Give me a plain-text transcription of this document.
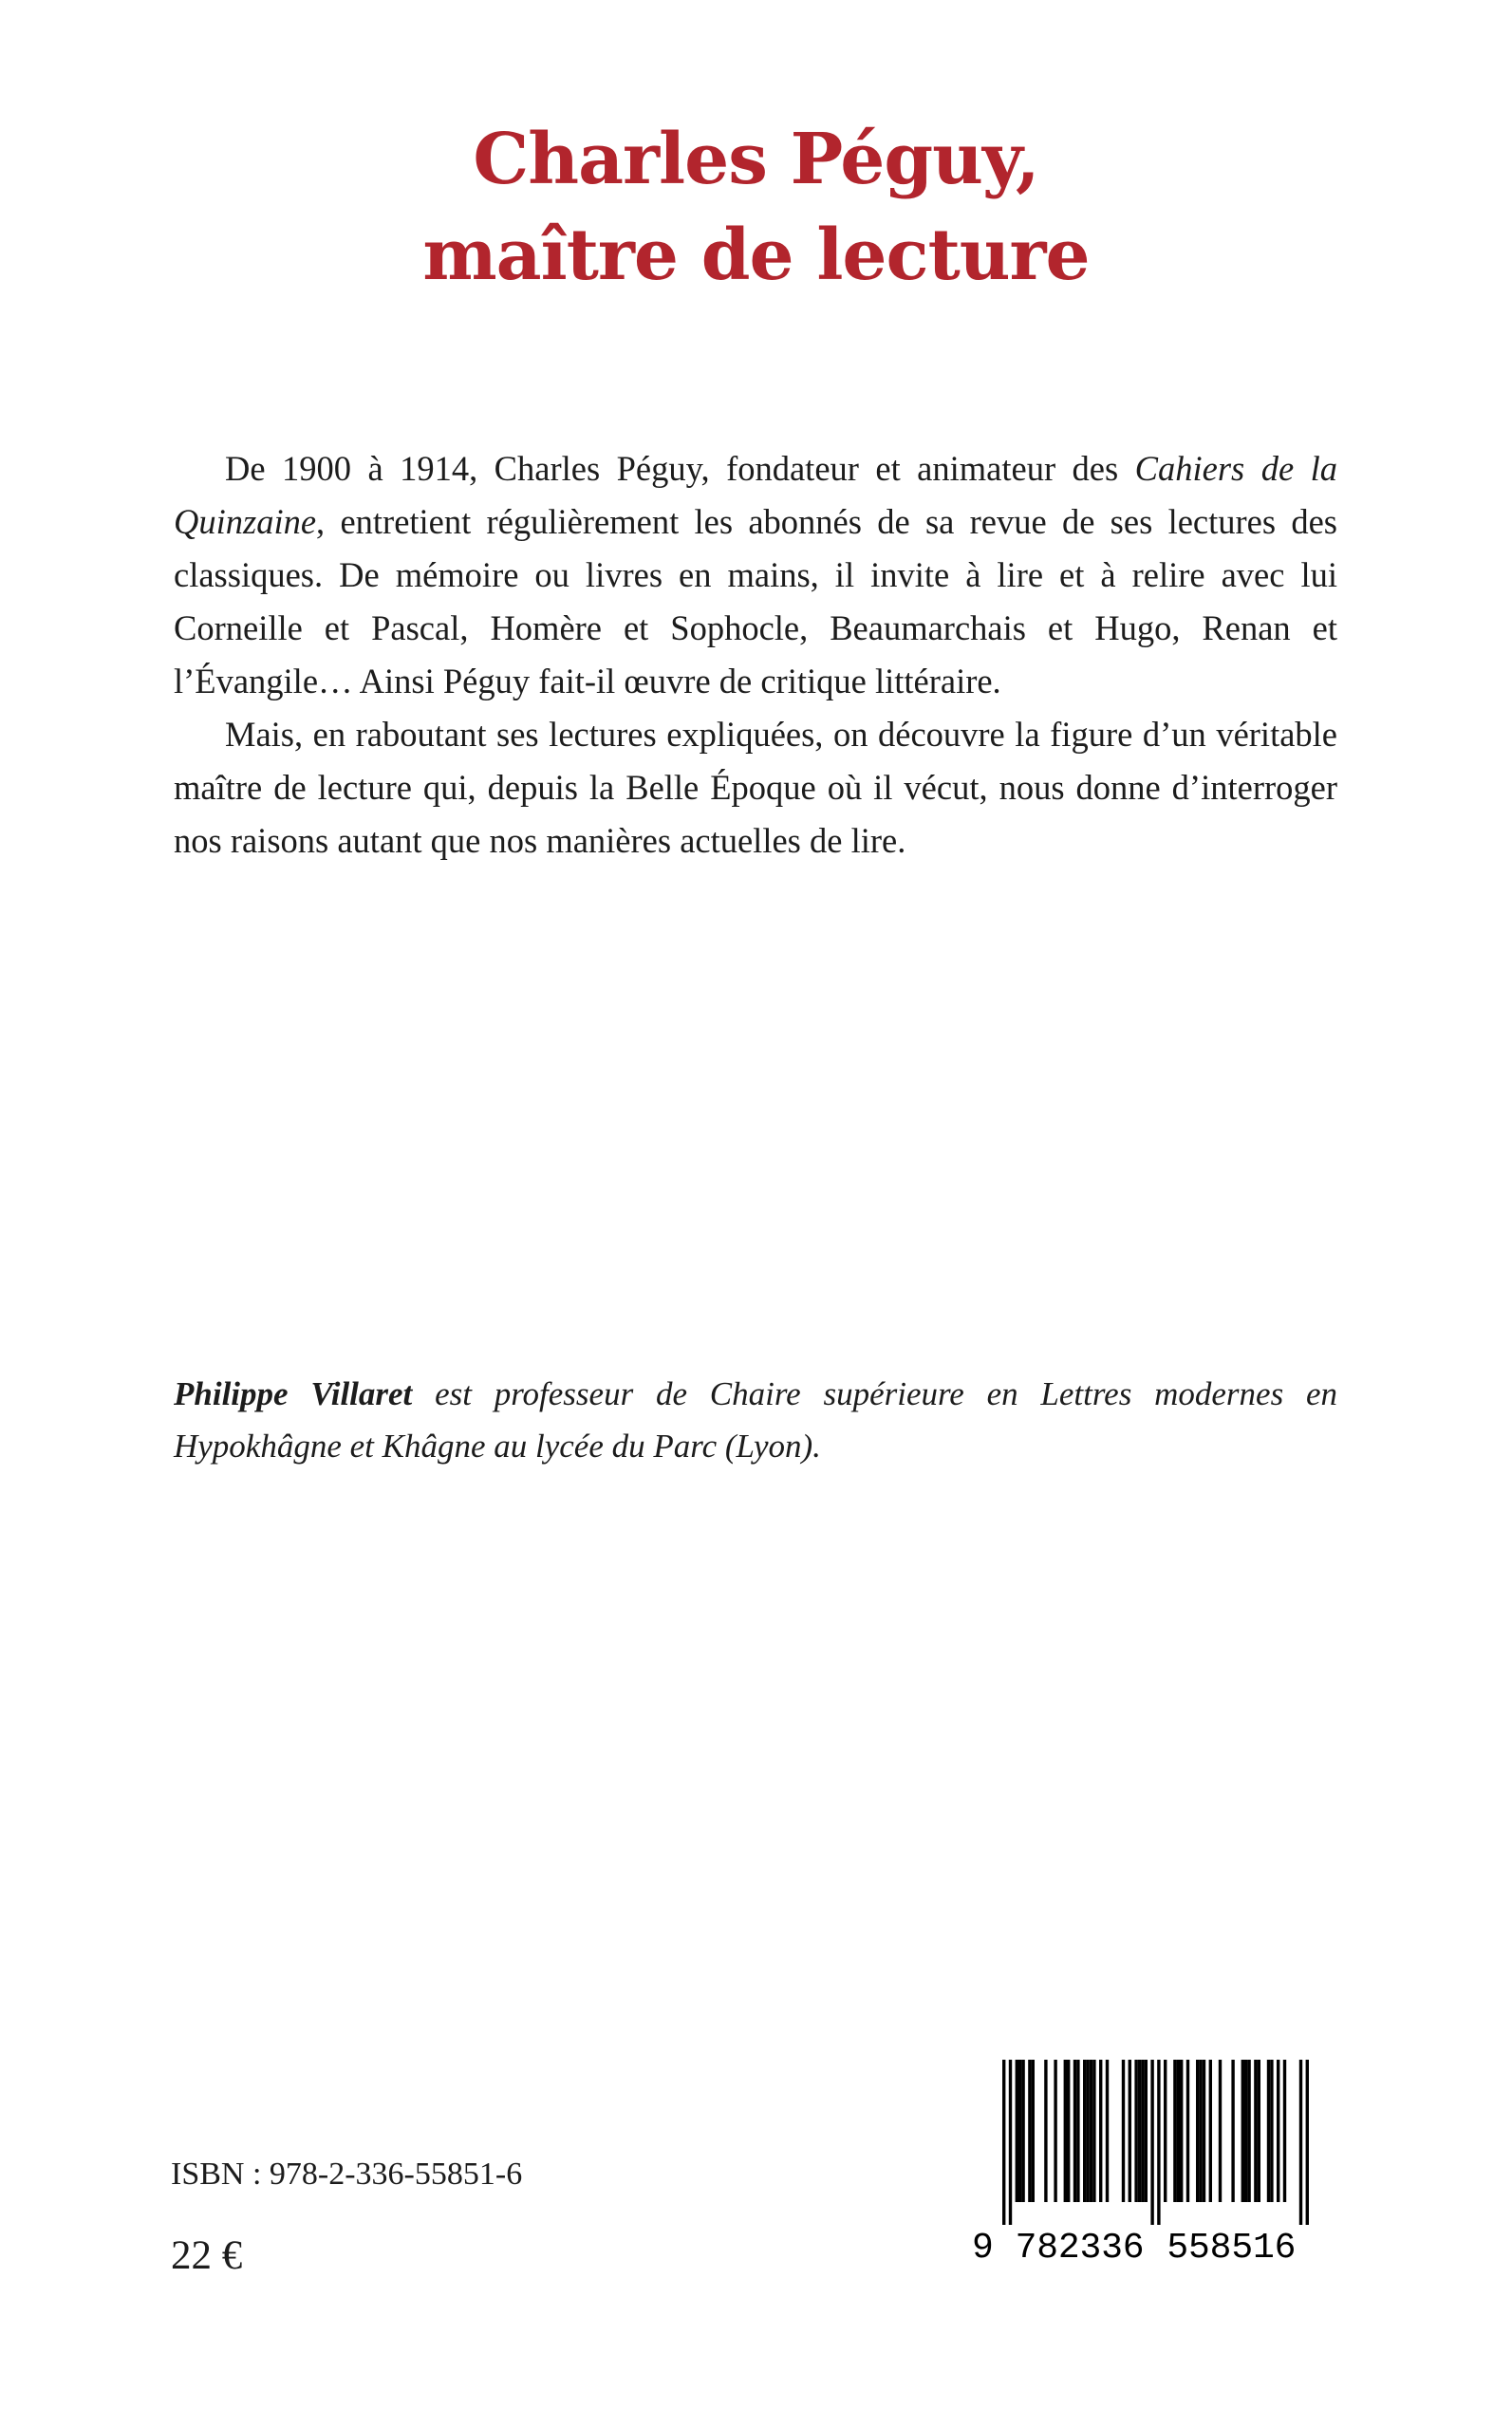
Charles Péguy,
maître de lecture

De 1900 à 1914, Charles Péguy, fondateur et animateur des Cahiers de la Quinzaine, entretient régulièrement les abonnés de sa revue de ses lectures des classiques. De mémoire ou livres en mains, il invite à lire et à relire avec lui Corneille et Pascal, Homère et Sophocle, Beaumarchais et Hugo, Renan et l’Évangile… Ainsi Péguy fait-il œuvre de critique littéraire.

Mais, en raboutant ses lectures expliquées, on découvre la figure d’un véritable maître de lecture qui, depuis la Belle Époque où il vécut, nous donne d’interroger nos raisons autant que nos manières actuelles de lire.

Philippe Villaret est professeur de Chaire supérieure en Lettres modernes en Hypokhâgne et Khâgne au lycée du Parc (Lyon).

ISBN : 978-2-336-55851-6
22 €	9 782336 558516
